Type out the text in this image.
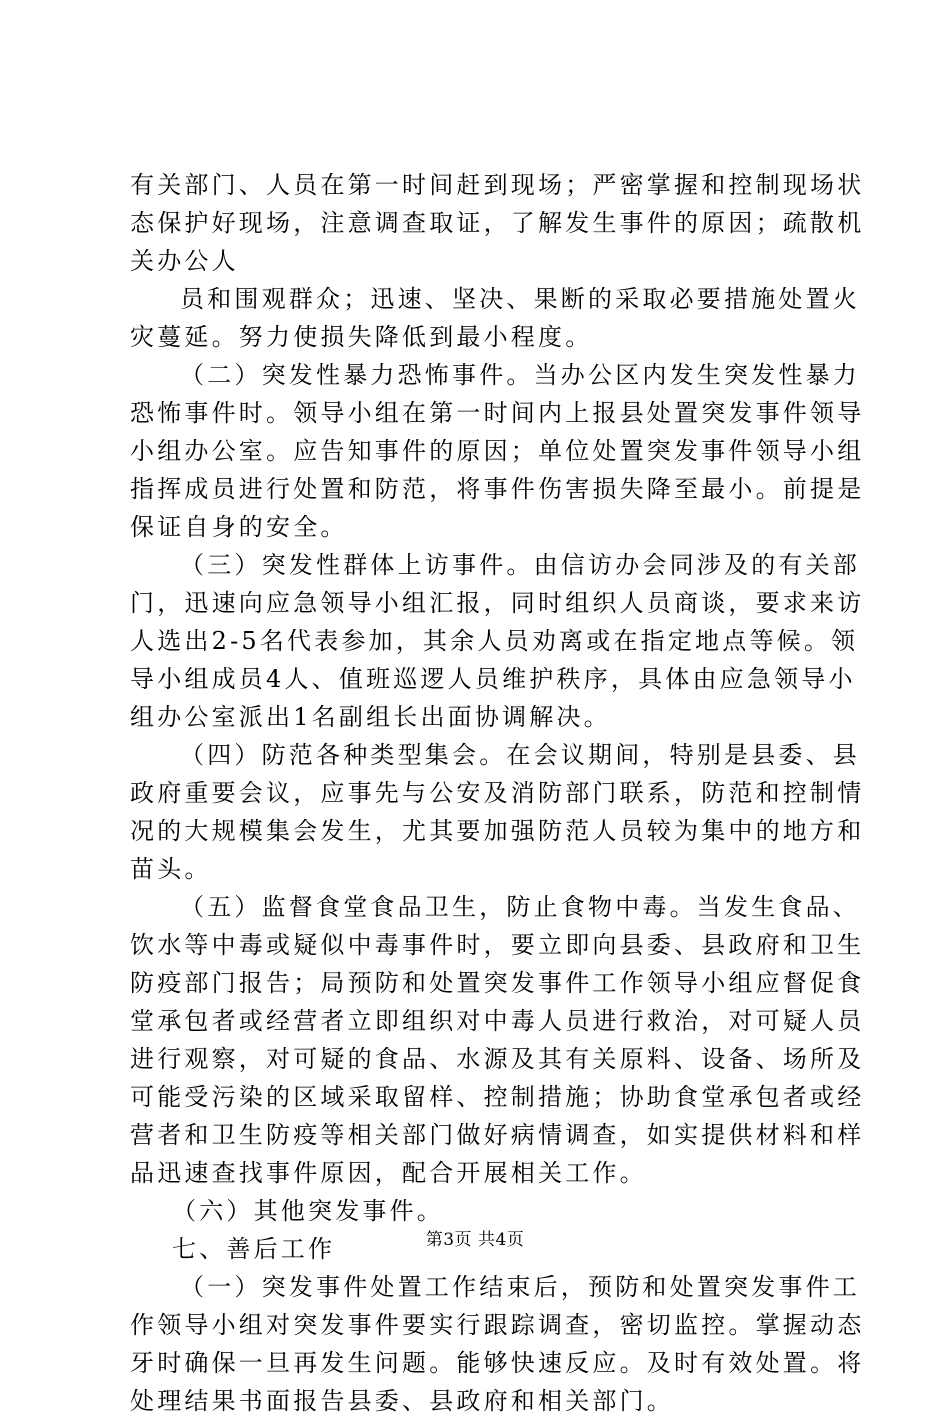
有关部门、人员在第一时间赶到现场；严密掌握和控制现场状
态保护好现场，注意调查取证，了解发生事件的原因；疏散机
关办公人
员和围观群众；迅速、坚决、果断的采取必要措施处置火
灾蔓延。努力使损失降低到最小程度。
（二）突发性暴力恐怖事件。当办公区内发生突发性暴力
恐怖事件时。领导小组在第一时间内上报县处置突发事件领导
小组办公室。应告知事件的原因；单位处置突发事件领导小组
指挥成员进行处置和防范，将事件伤害损失降至最小。前提是
保证自身的安全。
（三）突发性群体上访事件。由信访办会同涉及的有关部
门，迅速向应急领导小组汇报，同时组织人员商谈，要求来访
人选出2-5名代表参加，其余人员劝离或在指定地点等候。领
导小组成员4人、值班巡逻人员维护秩序，具体由应急领导小
组办公室派出1名副组长出面协调解决。
（四）防范各种类型集会。在会议期间，特别是县委、县
政府重要会议，应事先与公安及消防部门联系，防范和控制情
况的大规模集会发生，尤其要加强防范人员较为集中的地方和
苗头。
（五）监督食堂食品卫生，防止食物中毒。当发生食品、
饮水等中毒或疑似中毒事件时，要立即向县委、县政府和卫生
防疫部门报告；局预防和处置突发事件工作领导小组应督促食
堂承包者或经营者立即组织对中毒人员进行救治，对可疑人员
进行观察，对可疑的食品、水源及其有关原料、设备、场所及
可能受污染的区域采取留样、控制措施；协助食堂承包者或经
营者和卫生防疫等相关部门做好病情调查，如实提供材料和样
品迅速查找事件原因，配合开展相关工作。
（六）其他突发事件。
七、善后工作
（一）突发事件处置工作结束后，预防和处置突发事件工
作领导小组对突发事件要实行跟踪调查，密切监控。掌握动态
牙时确保一旦再发生问题。能够快速反应。及时有效处置。将
处理结果书面报告县委、县政府和相关部门。
第3页 共4页
